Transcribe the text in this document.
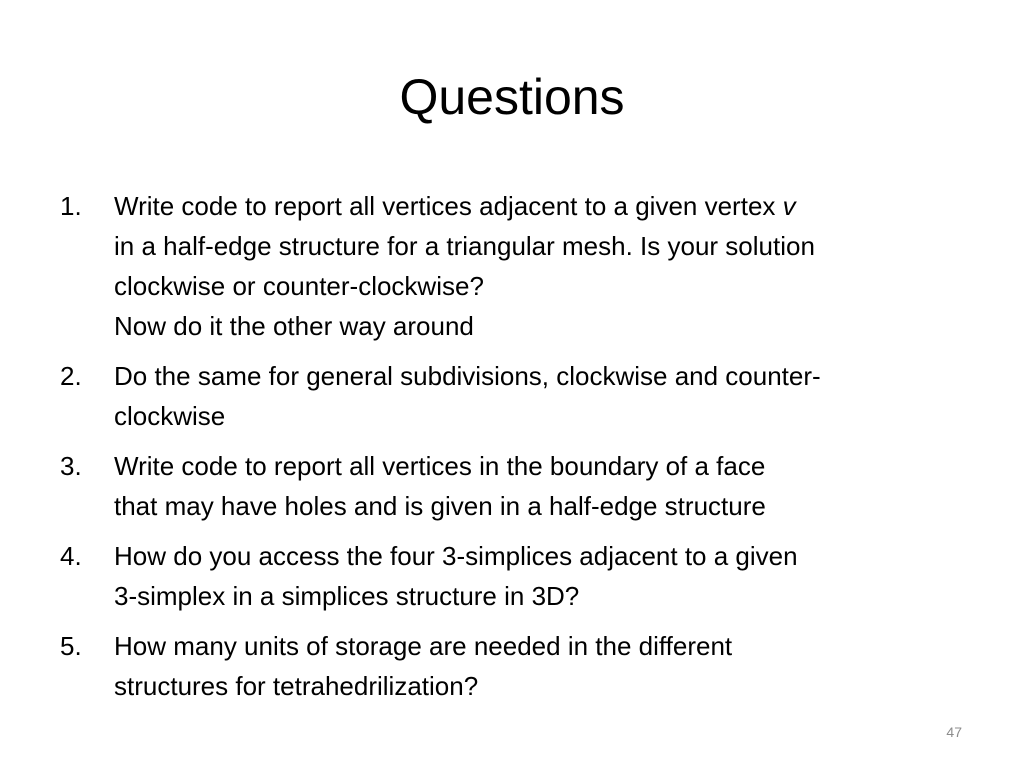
Questions
1. Write code to report all vertices adjacent to a given vertex v
in a half-edge structure for a triangular mesh. Is your solution
clockwise or counter-clockwise?
Now do it the other way around
2. Do the same for general subdivisions, clockwise and counter-
clockwise
3. Write code to report all vertices in the boundary of a face
that may have holes and is given in a half-edge structure
4. How do you access the four 3-simplices adjacent to a given
3-simplex in a simplices structure in 3D?
5. How many units of storage are needed in the different
structures for tetrahedrilization?
47
